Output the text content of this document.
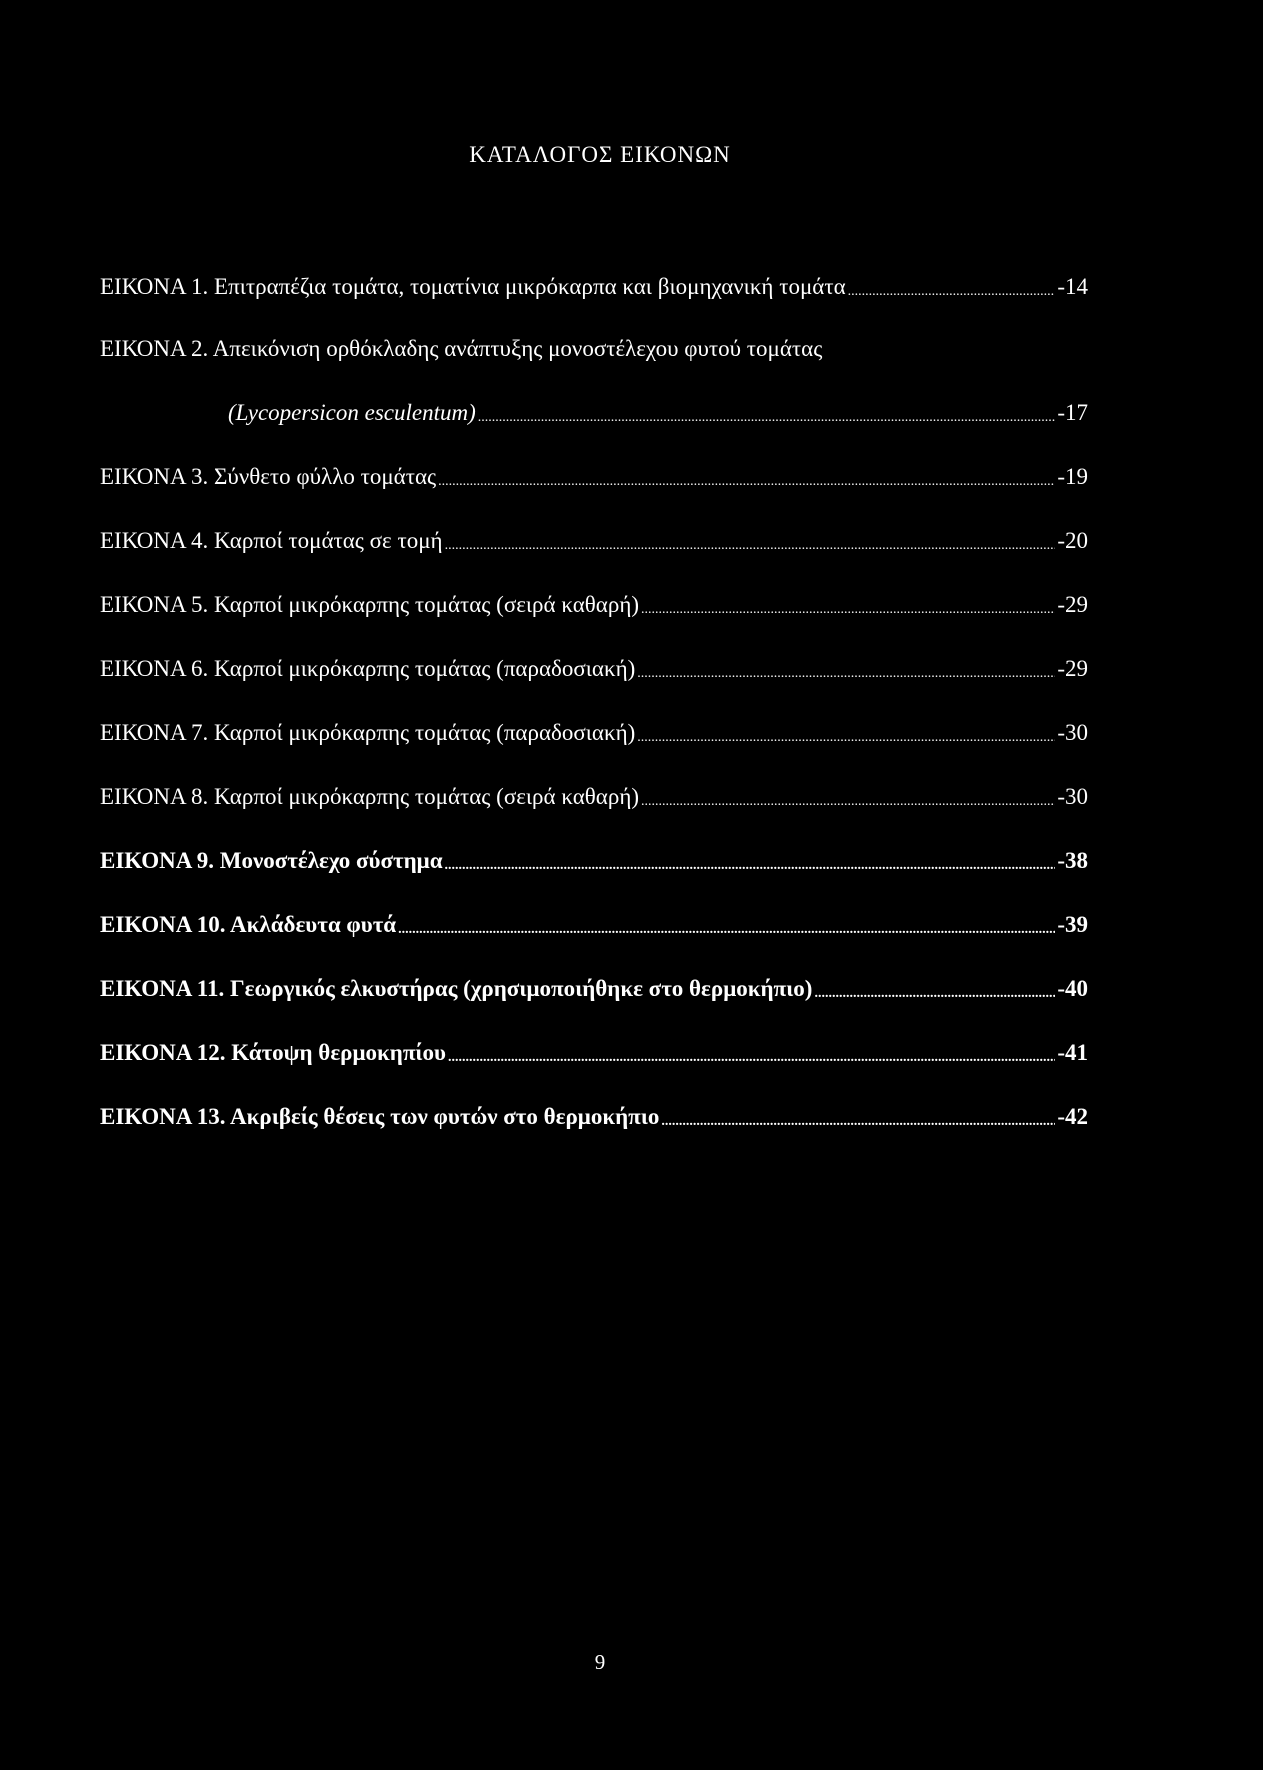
ΚΑΤΑΛΟΓΟΣ ΕΙΚΟΝΩΝ
ΕΙΚΟΝΑ 1. Επιτραπέζια τομάτα, τοματίνια μικρόκαρπα και βιομηχανική τομάτα .....	-14
ΕΙΚΟΝΑ 2. Απεικόνιση ορθόκλαδης ανάπτυξης μονοστέλεχου φυτού τομάτας
(Lycopersicon esculentum) .....	-17
ΕΙΚΟΝΑ 3. Σύνθετο φύλλο τομάτας .....	-19
ΕΙΚΟΝΑ 4. Καρποί τομάτας σε τομή .....	-20
ΕΙΚΟΝΑ 5. Καρποί μικρόκαρπης τομάτας (σειρά καθαρή) .....	-29
ΕΙΚΟΝΑ 6. Καρποί μικρόκαρπης τομάτας (παραδοσιακή) .....	-29
ΕΙΚΟΝΑ 7. Καρποί μικρόκαρπης τομάτας (παραδοσιακή) .....	-30
ΕΙΚΟΝΑ 8. Καρποί μικρόκαρπης τομάτας (σειρά καθαρή) .....	-30
ΕΙΚΟΝΑ 9. Μονοστέλεχο σύστημα .....	-38
ΕΙΚΟΝΑ 10. Ακλάδευτα φυτά .....	-39
ΕΙΚΟΝΑ 11. Γεωργικός ελκυστήρας (χρησιμοποιήθηκε στο θερμοκήπιο) .....	-40
ΕΙΚΟΝΑ 12. Κάτοψη θερμοκηπίου .....	-41
ΕΙΚΟΝΑ 13. Ακριβείς θέσεις των φυτών στο θερμοκήπιο .....	-42
9
